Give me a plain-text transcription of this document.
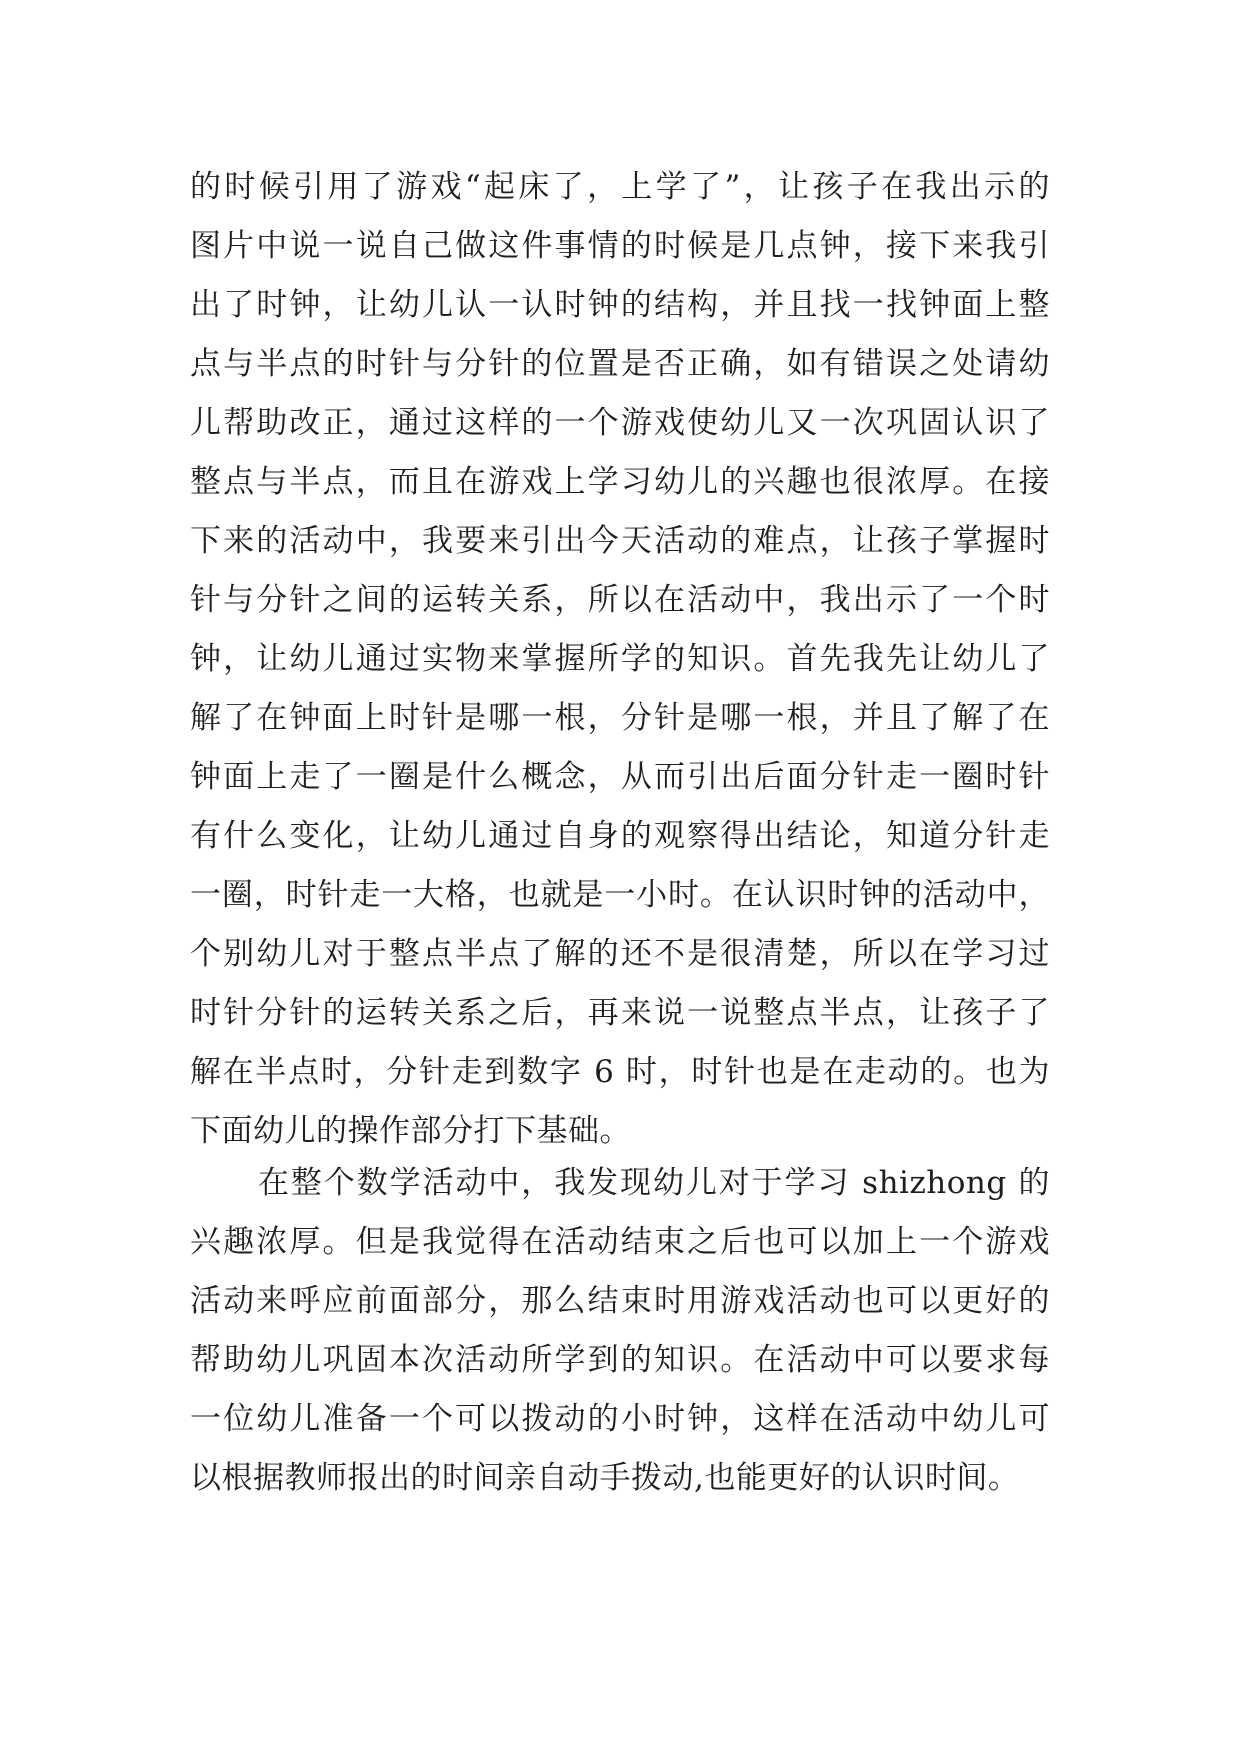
的时候引用了游戏“起床了，上学了”，让孩子在我出示的
图片中说一说自己做这件事情的时候是几点钟，接下来我引
出了时钟，让幼儿认一认时钟的结构，并且找一找钟面上整
点与半点的时针与分针的位置是否正确，如有错误之处请幼
儿帮助改正，通过这样的一个游戏使幼儿又一次巩固认识了
整点与半点，而且在游戏上学习幼儿的兴趣也很浓厚。在接
下来的活动中，我要来引出今天活动的难点，让孩子掌握时
针与分针之间的运转关系，所以在活动中，我出示了一个时
钟，让幼儿通过实物来掌握所学的知识。首先我先让幼儿了
解了在钟面上时针是哪一根，分针是哪一根，并且了解了在
钟面上走了一圈是什么概念，从而引出后面分针走一圈时针
有什么变化，让幼儿通过自身的观察得出结论，知道分针走
一圈，时针走一大格，也就是一小时。在认识时钟的活动中，
个别幼儿对于整点半点了解的还不是很清楚，所以在学习过
时针分针的运转关系之后，再来说一说整点半点，让孩子了
解在半点时，分针走到数字 6 时，时针也是在走动的。也为
下面幼儿的操作部分打下基础。
在整个数学活动中，我发现幼儿对于学习 shizhong 的
兴趣浓厚。但是我觉得在活动结束之后也可以加上一个游戏
活动来呼应前面部分，那么结束时用游戏活动也可以更好的
帮助幼儿巩固本次活动所学到的知识。在活动中可以要求每
一位幼儿准备一个可以拨动的小时钟，这样在活动中幼儿可
以根据教师报出的时间亲自动手拨动,也能更好的认识时间。
